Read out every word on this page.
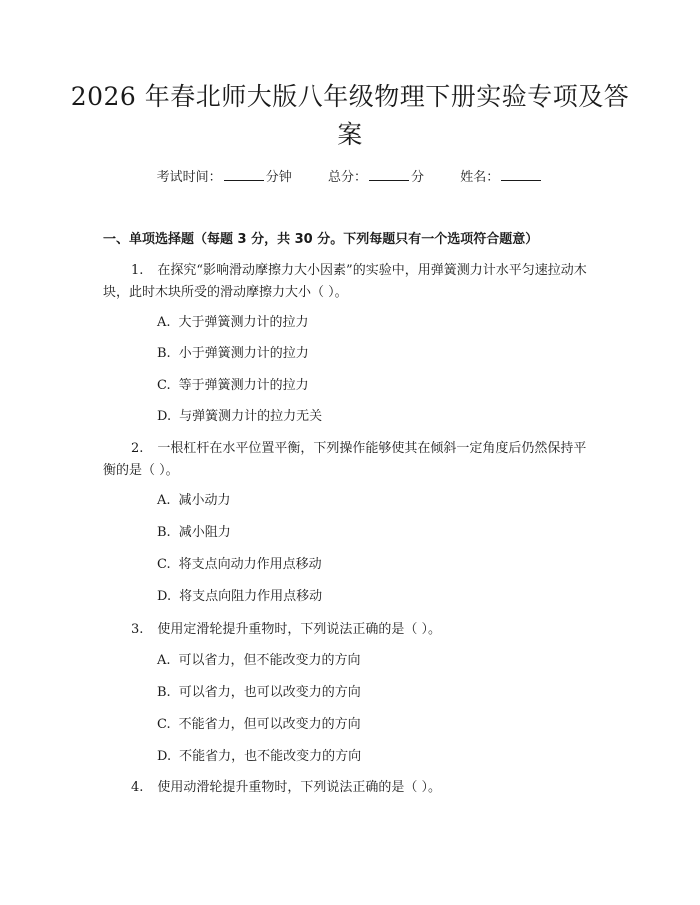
2026 年春北师大版八年级物理下册实验专项及答案
考试时间：	分钟	总分：	分	姓名：
一、单项选择题（每题 3 分，共 30 分。下列每题只有一个选项符合题意）
1. 在探究“影响滑动摩擦力大小因素”的实验中，用弹簧测力计水平匀速拉动木块，此时木块所受的滑动摩擦力大小（ ）。
A. 大于弹簧测力计的拉力
B. 小于弹簧测力计的拉力
C. 等于弹簧测力计的拉力
D. 与弹簧测力计的拉力无关
2. 一根杠杆在水平位置平衡，下列操作能够使其在倾斜一定角度后仍然保持平衡的是（ ）。
A. 减小动力
B. 减小阻力
C. 将支点向动力作用点移动
D. 将支点向阻力作用点移动
3. 使用定滑轮提升重物时，下列说法正确的是（ ）。
A. 可以省力，但不能改变力的方向
B. 可以省力，也可以改变力的方向
C. 不能省力，但可以改变力的方向
D. 不能省力，也不能改变力的方向
4. 使用动滑轮提升重物时，下列说法正确的是（ ）。
